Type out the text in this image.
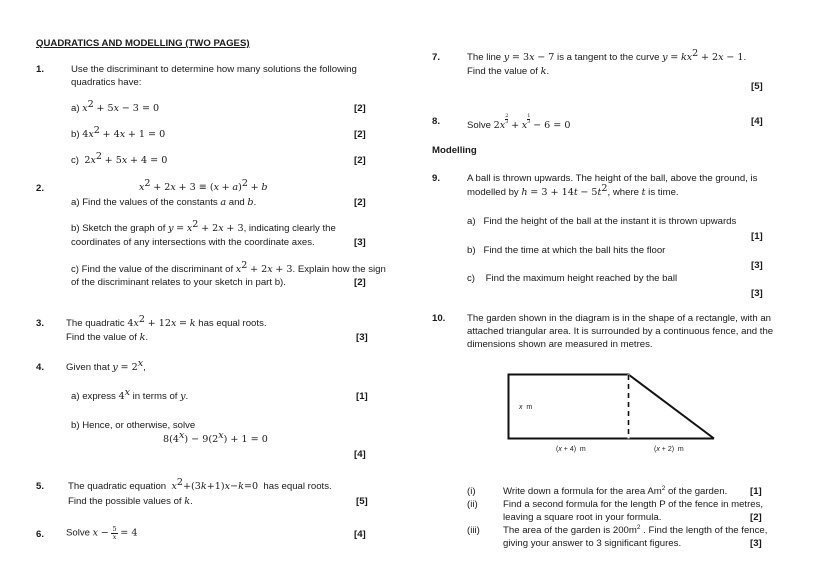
QUADRATICS AND MODELLING (TWO PAGES)
1.	Use the discriminant to determine how many solutions the following
quadratics have:
a) $x^2 + 5x - 3 = 0$	[2]
b) $4x^2 + 4x + 1 = 0$	[2]
c)  $2x^2 + 5x + 4 = 0$	[2]
2.	$x^2 + 2x + 3 \equiv (x + a)^2 + b$
a) Find the values of the constants a and b.	[2]
b) Sketch the graph of $y = x^2 + 2x + 3$, indicating clearly the
coordinates of any intersections with the coordinate axes.	[3]
c) Find the value of the discriminant of $x^2 + 2x + 3$. Explain how the sign
of the discriminant relates to your sketch in part b).	[2]
3. The quadratic $4x^2 + 12x = k$ has equal roots.
Find the value of k.	[3]
4. Given that $y = 2^x$,
a) express 4$^x$ in terms of y.	[1]
b) Hence, or otherwise, solve
$8(4^x) - 9(2^x) + 1 = 0$
[4]
5. The quadratic equation  $x^2+(3k+1)x-k=0$  has equal roots.
Find the possible values of k.	[5]
6. Solve $x - \frac{5}{x} = 4$	[4]
7.	The line y = 3x − 7 is a tangent to the curve $y = kx^2 + 2x - 1$.
Find the value of k.
[5]
8.	Solve 2x
$\frac{2}{3}$
+ x
$\frac{1}{3}$
− 6 = 0	[4]
Modelling
9.	A ball is thrown upwards. The height of the ball, above the ground, is
modelled by $h = 3 + 14t - 5t^2$, where t is time.
a) Find the height of the ball at the instant it is thrown upwards
[1]
b) Find the time at which the ball hits the floor
[3]
c) Find the maximum height reached by the ball
[3]
10. The garden shown in the diagram is in the shape of a rectangle, with an
attached triangular area. It is surrounded by a continuous fence, and the
dimensions shown are measured in metres.
x  m
(x + 4)  m	(x + 2)  m
(i)	Write down a formula for the area Am$^2$ of the garden. [1]
(ii)	Find a second formula for the length P of the fence in metres,
leaving a square root in your formula.	[2]
(iii) The area of the garden is $200m^2$ . Find the length of the fence,
giving your answer to 3 significant figures.	[3]
